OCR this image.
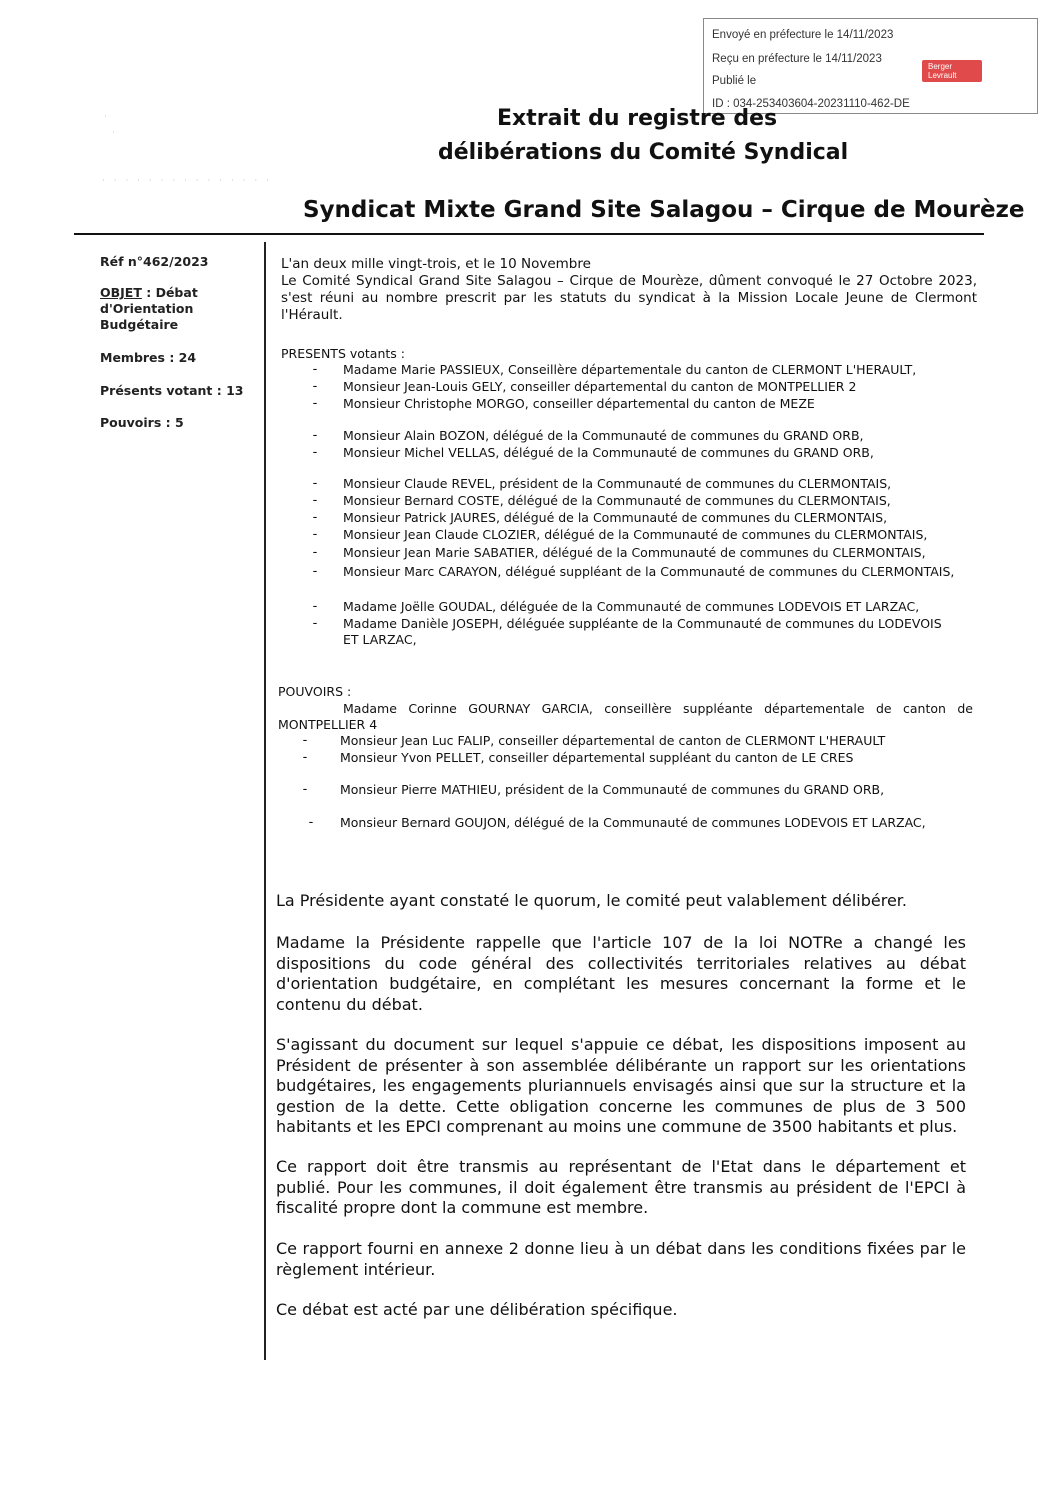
Envoyé en préfecture le 14/11/2023
Reçu en préfecture le 14/11/2023
Publié le
ID : 034-253403604-20231110-462-DE
Berger Levrault
·
·
· · · · · · · · · · · · · · ·
Extrait du registre des
délibérations du Comité Syndical
Syndicat Mixte Grand Site Salagou – Cirque de Mourèze
Réf n°462/2023
OBJET : Débat
d'Orientation
Budgétaire
Membres : 24
Présents votant : 13
Pouvoirs : 5
L'an deux mille vingt-trois, et le 10 Novembre
Le Comité Syndical Grand Site Salagou – Cirque de Mourèze, dûment convoqué le 27 Octobre 2023, s'est réuni au nombre prescrit par les statuts du syndicat à la Mission Locale Jeune de Clermont l'Hérault.
PRESENTS votants :
- Madame Marie PASSIEUX, Conseillère départementale du canton de CLERMONT L'HERAULT,
- Monsieur Jean-Louis GELY, conseiller départemental du canton de MONTPELLIER 2
- Monsieur Christophe MORGO, conseiller départemental du canton de MEZE
- Monsieur Alain BOZON, délégué de la Communauté de communes du GRAND ORB,
- Monsieur Michel VELLAS, délégué de la Communauté de communes du GRAND ORB,
- Monsieur Claude REVEL, président de la Communauté de communes du CLERMONTAIS,
- Monsieur Bernard COSTE, délégué de la Communauté de communes du CLERMONTAIS,
- Monsieur Patrick JAURES, délégué de la Communauté de communes du CLERMONTAIS,
- Monsieur Jean Claude CLOZIER, délégué de la Communauté de communes du CLERMONTAIS,
- Monsieur Jean Marie SABATIER, délégué de la Communauté de communes du CLERMONTAIS,
- Monsieur Marc CARAYON, délégué suppléant de la Communauté de communes du CLERMONTAIS,
- Madame Joëlle GOUDAL, déléguée de la Communauté de communes LODEVOIS ET LARZAC,
- Madame Danièle JOSEPH, déléguée suppléante de la Communauté de communes du LODEVOIS
ET LARZAC,
POUVOIRS :
Madame Corinne GOURNAY GARCIA, conseillère suppléante départementale de canton de
MONTPELLIER 4
-	Monsieur Jean Luc FALIP, conseiller départemental de canton de CLERMONT L'HERAULT
-	Monsieur Yvon PELLET, conseiller départemental suppléant du canton de LE CRES
-	Monsieur Pierre MATHIEU, président de la Communauté de communes du GRAND ORB,
- Monsieur Bernard GOUJON, délégué de la Communauté de communes LODEVOIS ET LARZAC,
La Présidente ayant constaté le quorum, le comité peut valablement délibérer.
Madame la Présidente rappelle que l'article 107 de la loi NOTRe a changé les dispositions du code général des collectivités territoriales relatives au débat d'orientation budgétaire, en complétant les mesures concernant la forme et le contenu du débat.
S'agissant du document sur lequel s'appuie ce débat, les dispositions imposent au Président de présenter à son assemblée délibérante un rapport sur les orientations budgétaires, les engagements pluriannuels envisagés ainsi que sur la structure et la gestion de la dette. Cette obligation concerne les communes de plus de 3 500 habitants et les EPCI comprenant au moins une commune de 3500 habitants et plus.
Ce rapport doit être transmis au représentant de l'Etat dans le département et publié. Pour les communes, il doit également être transmis au président de l'EPCI à fiscalité propre dont la commune est membre.
Ce rapport fourni en annexe 2 donne lieu à un débat dans les conditions fixées par le règlement intérieur.
Ce débat est acté par une délibération spécifique.
